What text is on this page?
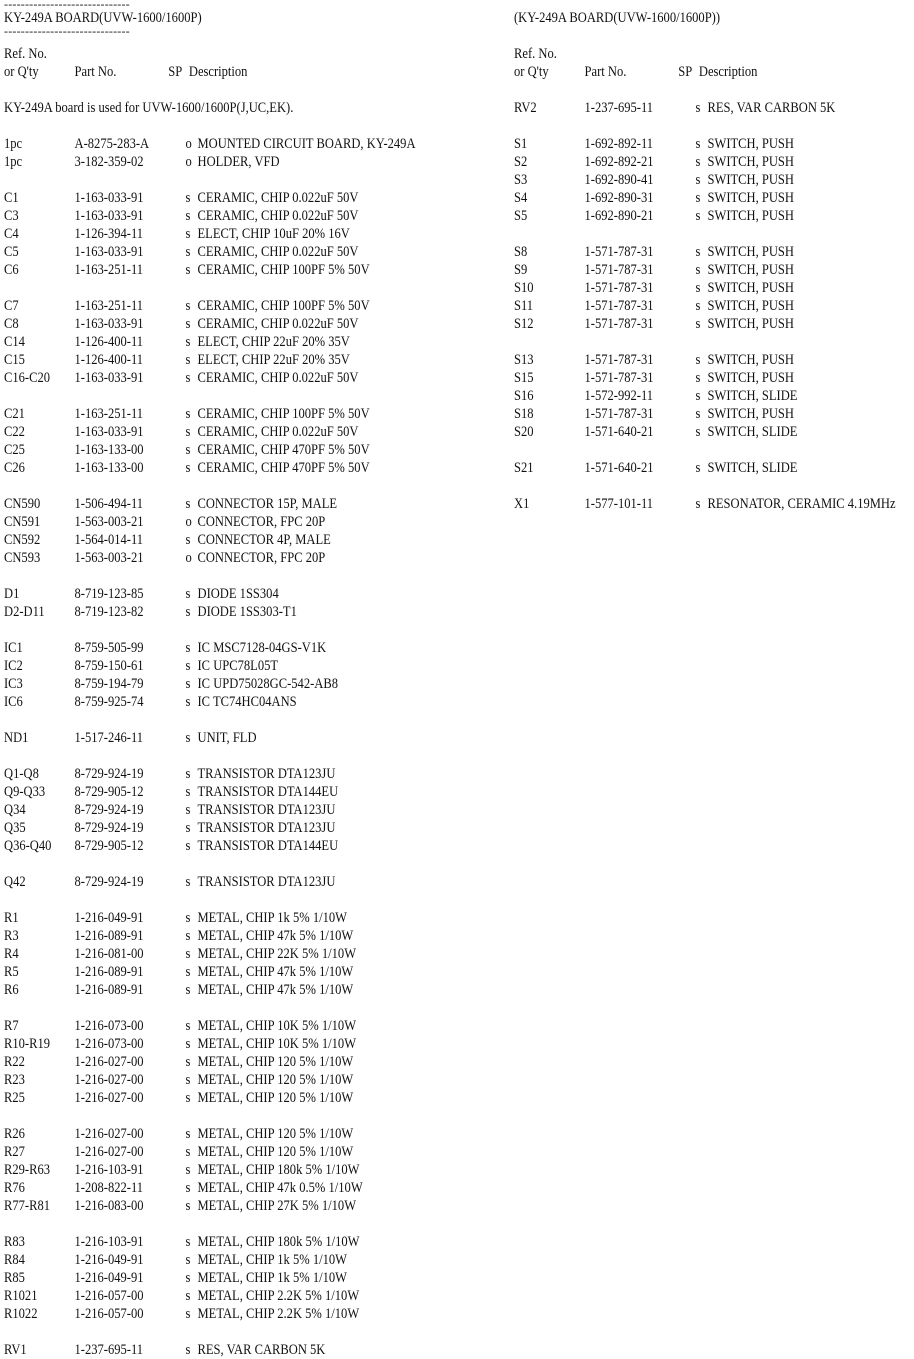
------------------------------
KY-249A BOARD(UVW-1600/1600P)
------------------------------

Ref. No.

or Q'ty

Part No.

	SP

Description

KY-249A board is used for UVW-1600/1600P(J,UC,EK).
1pc	A-8275-283-A o MOUNTED CIRCUIT BOARD, KY-249A
1pc	3-182-359-02	o HOLDER, VFD
C1	1-163-033-91	s CERAMIC, CHIP 0.022uF 50V
C3	1-163-033-91	s CERAMIC, CHIP 0.022uF 50V
C4	1-126-394-11	s ELECT, CHIP 10uF 20% 16V
C5	1-163-033-91	s CERAMIC, CHIP 0.022uF 50V
C6	1-163-251-11	s CERAMIC, CHIP 100PF 5% 50V
C7	1-163-251-11	s CERAMIC, CHIP 100PF 5% 50V
C8	1-163-033-91	s CERAMIC, CHIP 0.022uF 50V
C14	1-126-400-11	s ELECT, CHIP 22uF 20% 35V
C15	1-126-400-11	s ELECT, CHIP 22uF 20% 35V
C16-C20 1-163-033-91	s CERAMIC, CHIP 0.022uF 50V
C21	1-163-251-11	s CERAMIC, CHIP 100PF 5% 50V
C22	1-163-033-91	s CERAMIC, CHIP 0.022uF 50V
C25	1-163-133-00	s CERAMIC, CHIP 470PF 5% 50V
C26	1-163-133-00	s CERAMIC, CHIP 470PF 5% 50V
CN590 1-506-494-11	s CONNECTOR 15P, MALE
CN591 1-563-003-21	o CONNECTOR, FPC 20P
CN592 1-564-014-11	s CONNECTOR 4P, MALE
CN593 1-563-003-21	o CONNECTOR, FPC 20P
D1	8-719-123-85	s DIODE 1SS304
D2-D11 8-719-123-82	s DIODE 1SS303-T1
IC1	8-759-505-99	s IC MSC7128-04GS-V1K
IC2	8-759-150-61	s IC UPC78L05T
IC3	8-759-194-79	s IC UPD75028GC-542-AB8
IC6	8-759-925-74	s IC TC74HC04ANS
ND1	1-517-246-11	s UNIT, FLD
Q1-Q8 8-729-924-19	s TRANSISTOR DTA123JU
Q9-Q33 8-729-905-12	s TRANSISTOR DTA144EU
Q34	8-729-924-19	s TRANSISTOR DTA123JU
Q35	8-729-924-19	s TRANSISTOR DTA123JU
Q36-Q40 8-729-905-12	s TRANSISTOR DTA144EU
Q42	8-729-924-19	s TRANSISTOR DTA123JU
R1	1-216-049-91	s METAL, CHIP 1k 5% 1/10W
R3	1-216-089-91	s METAL, CHIP 47k 5% 1/10W
R4	1-216-081-00	s METAL, CHIP 22K 5% 1/10W
R5	1-216-089-91	s METAL, CHIP 47k 5% 1/10W
R6	1-216-089-91	s METAL, CHIP 47k 5% 1/10W
R7	1-216-073-00	s METAL, CHIP 10K 5% 1/10W
R10-R19 1-216-073-00	s METAL, CHIP 10K 5% 1/10W
R22	1-216-027-00	s METAL, CHIP 120 5% 1/10W
R23	1-216-027-00	s METAL, CHIP 120 5% 1/10W
R25	1-216-027-00	s METAL, CHIP 120 5% 1/10W
R26	1-216-027-00	s METAL, CHIP 120 5% 1/10W
R27	1-216-027-00	s METAL, CHIP 120 5% 1/10W
R29-R63 1-216-103-91	s METAL, CHIP 180k 5% 1/10W
R76	1-208-822-11	s METAL, CHIP 47k 0.5% 1/10W
R77-R81 1-216-083-00	s METAL, CHIP 27K 5% 1/10W
R83	1-216-103-91	s METAL, CHIP 180k 5% 1/10W
R84	1-216-049-91	s METAL, CHIP 1k 5% 1/10W
R85	1-216-049-91	s METAL, CHIP 1k 5% 1/10W
R1021	1-216-057-00	s METAL, CHIP 2.2K 5% 1/10W
R1022	1-216-057-00	s METAL, CHIP 2.2K 5% 1/10W
RV1	1-237-695-11	s RES, VAR CARBON 5K
(KY-249A BOARD(UVW-1600/1600P))

Ref. No.

or Q'ty

Part No.

	SP

Description

RV2	1-237-695-11	s RES, VAR CARBON 5K
S1	1-692-892-11	s SWITCH, PUSH
S2	1-692-892-21	s SWITCH, PUSH
S3	1-692-890-41	s SWITCH, PUSH
S4	1-692-890-31	s SWITCH, PUSH
S5	1-692-890-21	s SWITCH, PUSH
S8	1-571-787-31	s SWITCH, PUSH
S9	1-571-787-31	s SWITCH, PUSH
S10	1-571-787-31	s SWITCH, PUSH
S11	1-571-787-31	s SWITCH, PUSH
S12	1-571-787-31	s SWITCH, PUSH
S13	1-571-787-31	s SWITCH, PUSH
S15	1-571-787-31	s SWITCH, PUSH
S16	1-572-992-11	s SWITCH, SLIDE
S18	1-571-787-31	s SWITCH, PUSH
S20	1-571-640-21	s SWITCH, SLIDE
S21	1-571-640-21	s SWITCH, SLIDE
X1	1-577-101-11	s RESONATOR, CERAMIC 4.19MHz
